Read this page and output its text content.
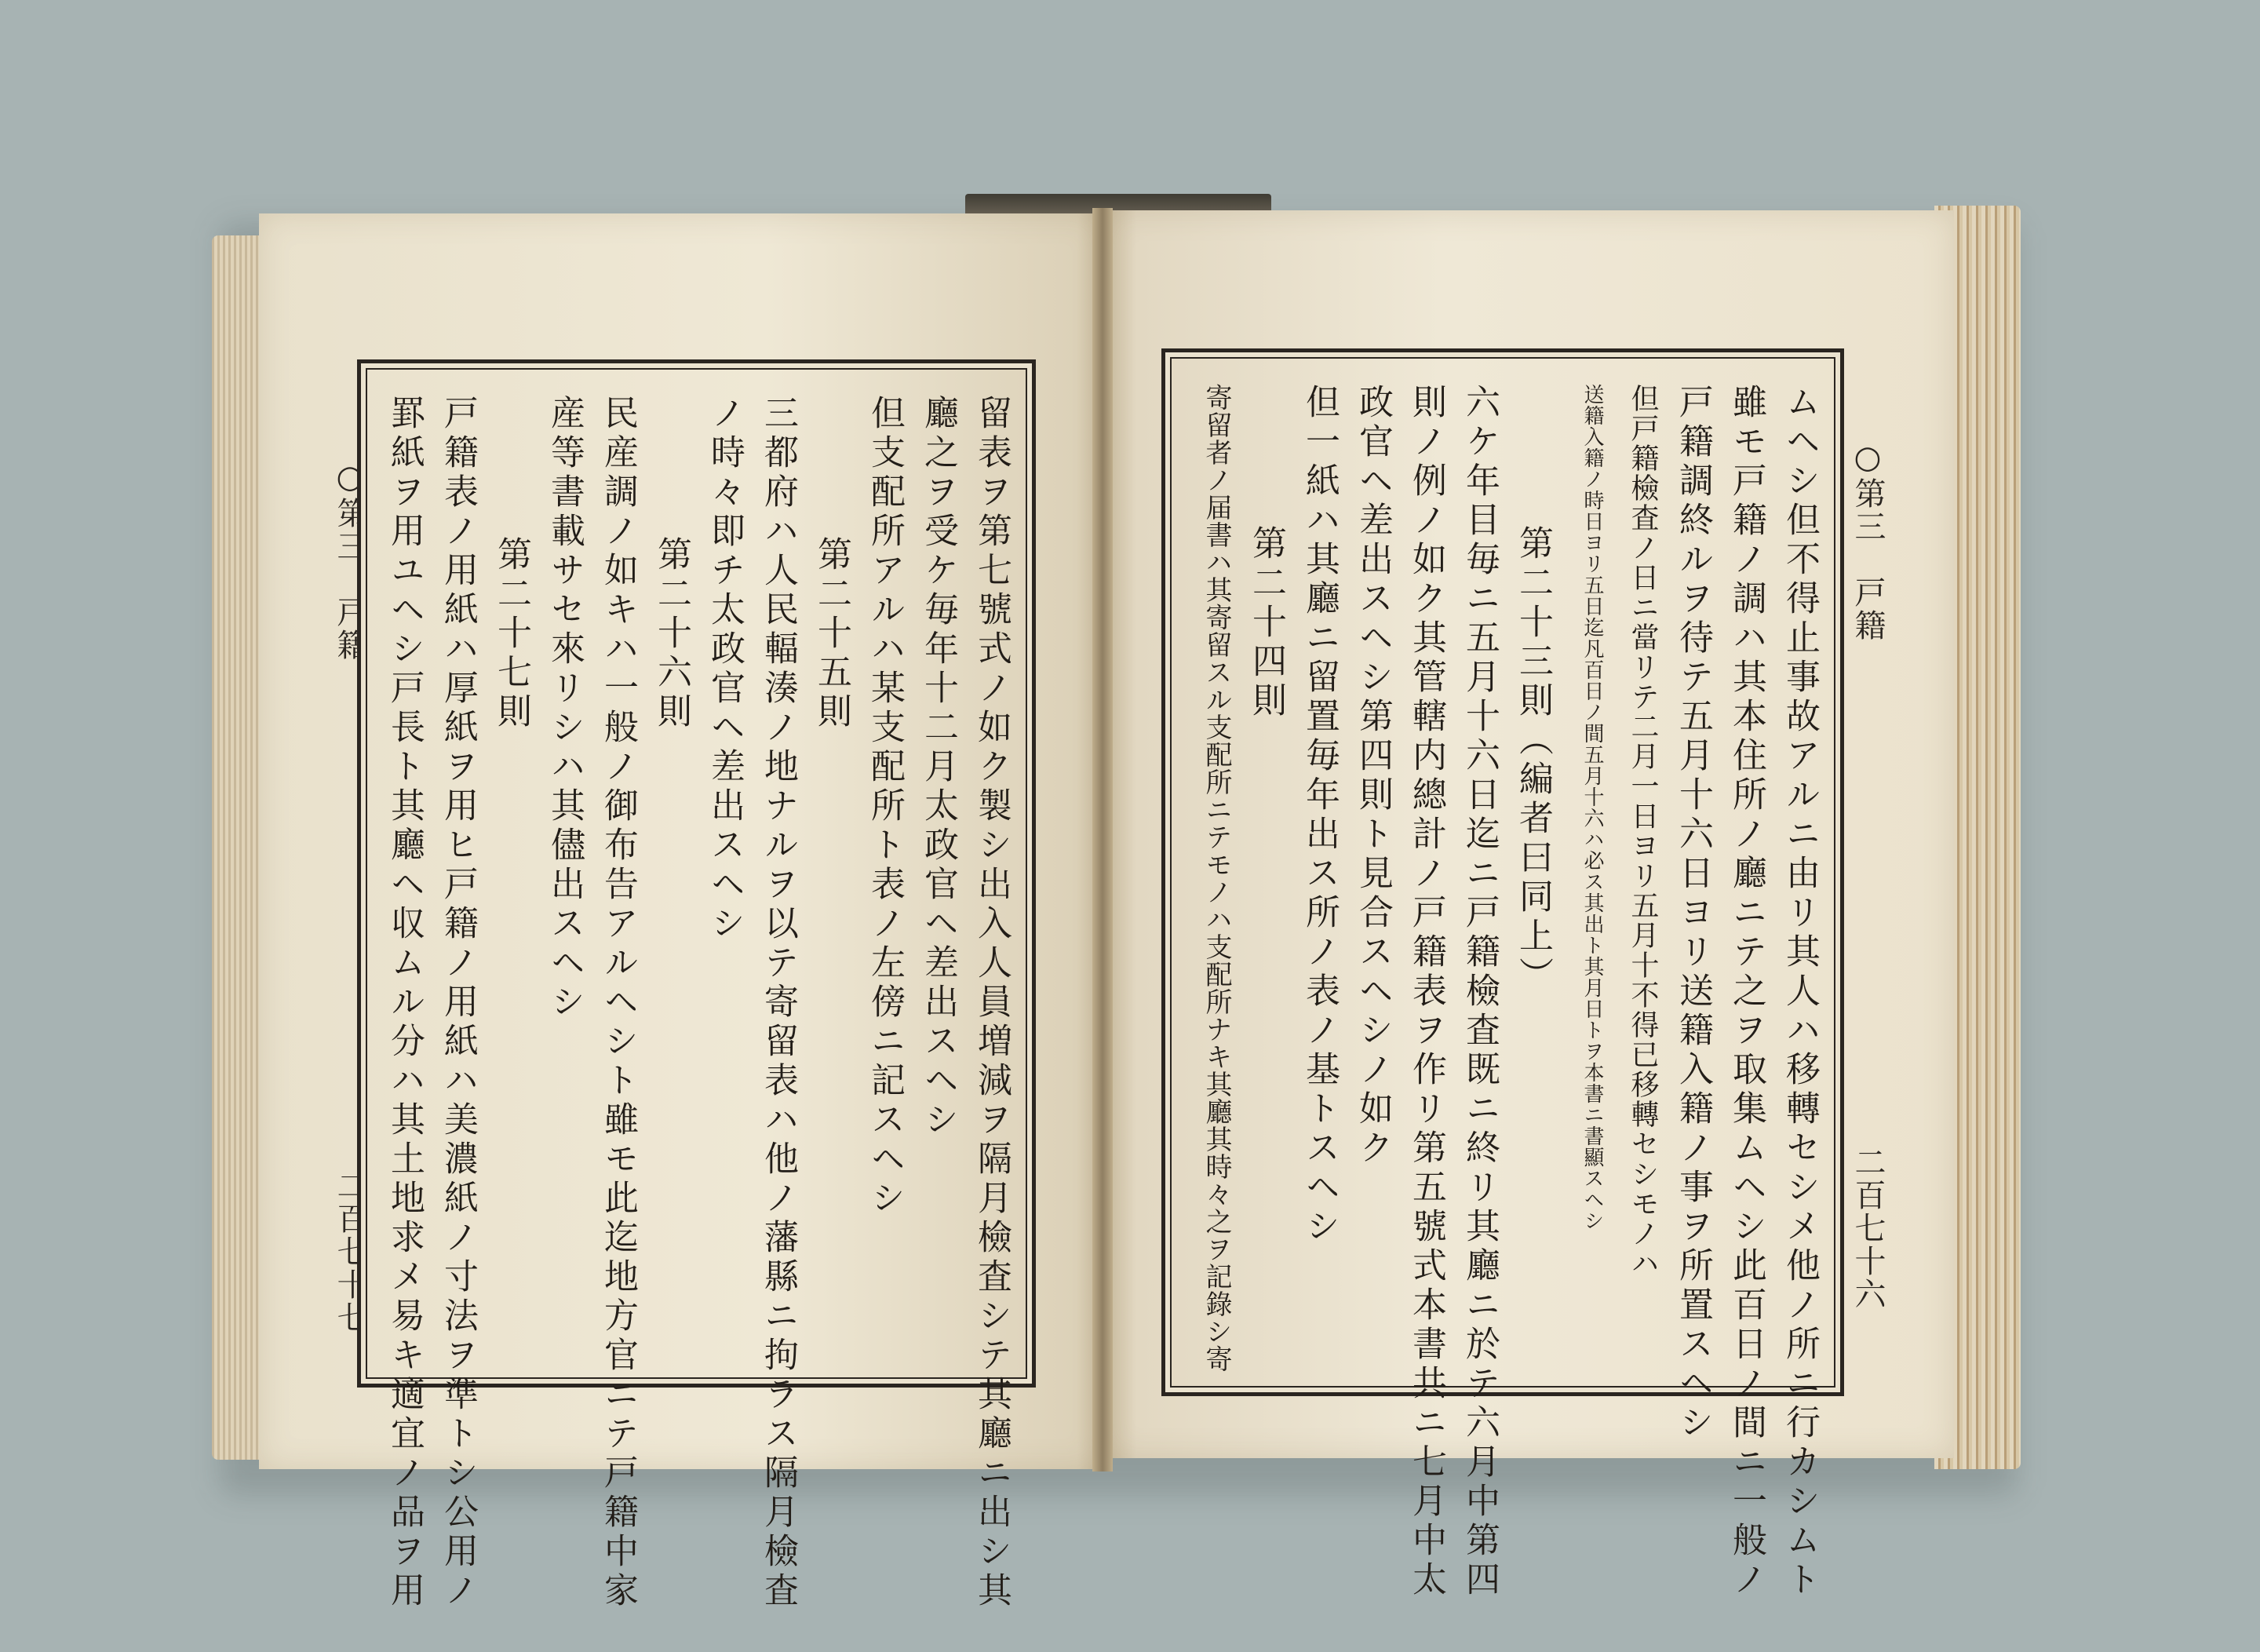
○第三　戸籍
二百七十七	留表ヲ第七號式ノ如ク製シ出入人員増減ヲ隔月檢査シテ其廳ニ出シ其
廳之ヲ受ケ毎年十二月太政官ヘ差出スヘシ
但支配所アルハ某支配所ト表ノ左傍ニ記スヘシ
第二十五則
三都府ハ人民輻湊ノ地ナルヲ以テ寄留表ハ他ノ藩縣ニ拘ラス隔月檢査
ノ時々即チ太政官ヘ差出スヘシ
第二十六則
民産調ノ如キハ一般ノ御布告アルヘシト雖モ此迄地方官ニテ戸籍中家
産等書載サセ來リシハ其儘出スヘシ
第二十七則
戸籍表ノ用紙ハ厚紙ヲ用ヒ戸籍ノ用紙ハ美濃紙ノ寸法ヲ準トシ公用ノ
罫紙ヲ用ユヘシ戸長ト其廳ヘ収ムル分ハ其土地求メ易キ適宜ノ品ヲ用	○第三　戸籍
二百七十六
ムヘシ但不得止事故アルニ由リ其人ハ移轉セシメ他ノ所ニ行カシムト
雖モ戸籍ノ調ハ其本住所ノ廳ニテ之ヲ取集ムヘシ此百日ノ間ニ一般ノ
戸籍調終ルヲ待テ五月十六日ヨリ送籍入籍ノ事ヲ所置スヘシ
但戸籍檢査ノ日ニ當リテ二月一日ヨリ五月十不得已移轉セシモノハ
送籍入籍ノ時日ヨリ五日迄凡百日ノ間五月十六ハ必ス其出ト其月日トヲ本書ニ書顯スヘシ
第二十三則（編者曰同上）
六ケ年目毎ニ五月十六日迄ニ戸籍檢査既ニ終リ其廳ニ於テ六月中第四
則ノ例ノ如ク其管轄内總計ノ戸籍表ヲ作リ第五號式本書共ニ七月中太
政官ヘ差出スヘシ第四則ト見合スヘシノ如ク
但一紙ハ其廳ニ留置毎年出ス所ノ表ノ基トスヘシ
第二十四則
寄留者ノ届書ハ其寄留スル支配所ニテモノハ支配所ナキ其廳其時々之ヲ記錄シ寄
